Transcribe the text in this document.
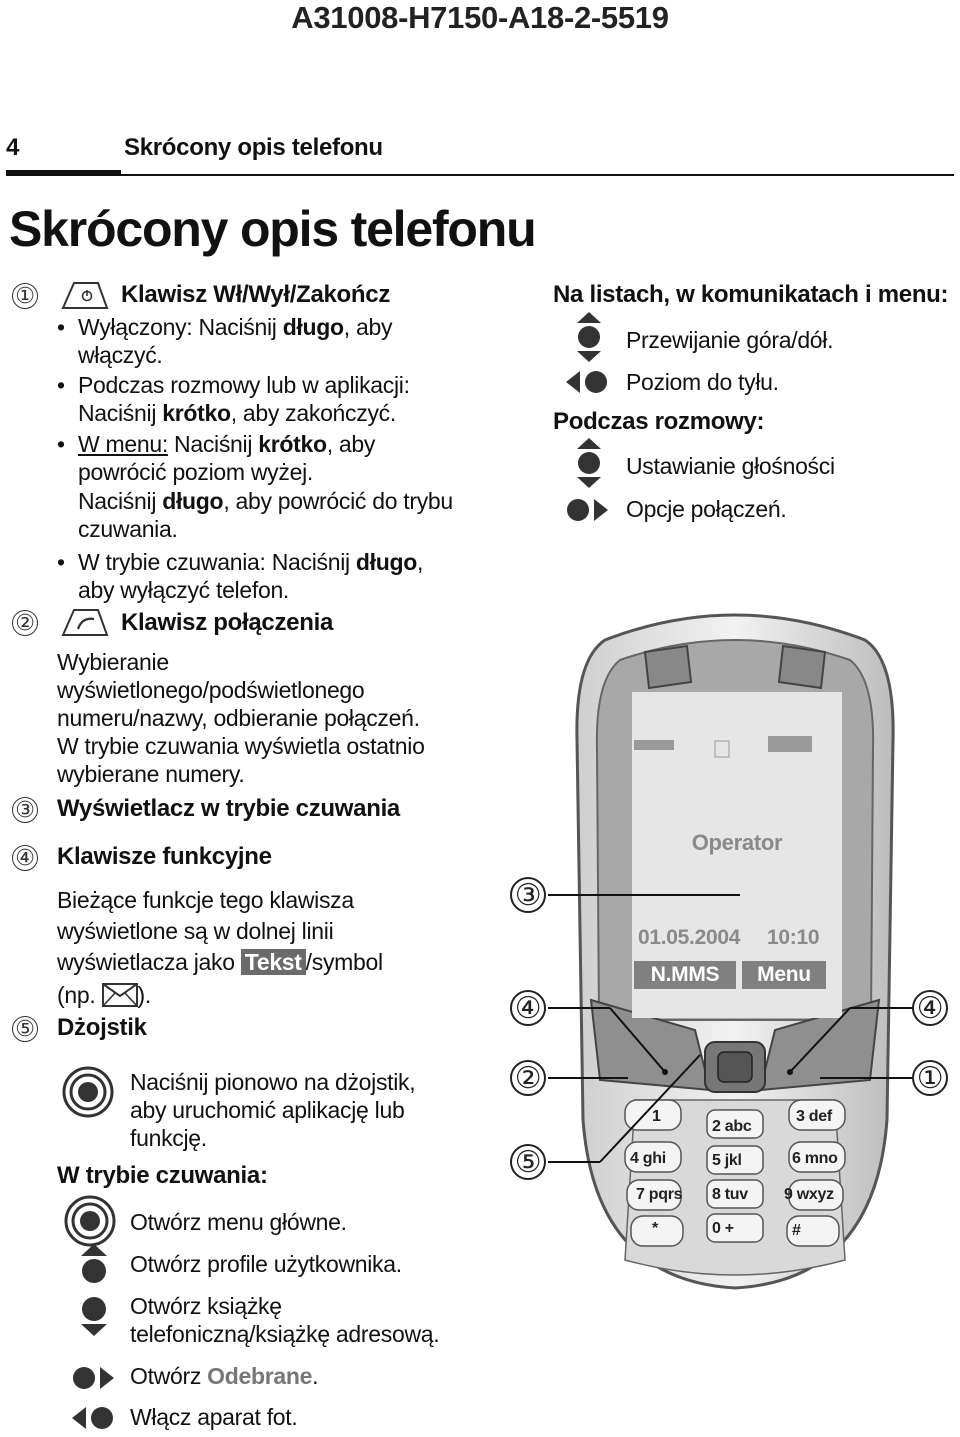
A31008-H7150-A18-2-5519
4	Skrócony opis telefonu
Skrócony opis telefonu
①	Klawisz Wł/Wył/Zakończ
• Wyłączony: Naciśnij długo, aby
włączyć.
• Podczas rozmowy lub w aplikacji:
Naciśnij krótko, aby zakończyć.
• W menu: Naciśnij krótko, aby
powrócić poziom wyżej.
Naciśnij długo, aby powrócić do trybu
czuwania.
• W trybie czuwania: Naciśnij długo,
aby wyłączyć telefon.
②	Klawisz połączenia
Wybieranie
wyświetlonego/podświetlonego
numeru/nazwy, odbieranie połączeń.
W trybie czuwania wyświetla ostatnio
wybierane numery.
③ Wyświetlacz w trybie czuwania
④ Klawisze funkcyjne
Bieżące funkcje tego klawisza
wyświetlone są w dolnej linii
wyświetlacza jako Tekst /symbol
(np. ).
⑤ Dżojstik
Naciśnij pionowo na dżojstik,
aby uruchomić aplikację lub
funkcję.
W trybie czuwania:
Otwórz menu główne.
Otwórz profile użytkownika.
Otwórz książkę
telefoniczną/książkę adresową.
Otwórz Odebrane.
Włącz aparat fot.
Na listach, w komunikatach i menu:
Przewijanie góra/dół.
Poziom do tyłu.
Podczas rozmowy:
Ustawianie głośności
Opcje połączeń.
Operator
01.05.2004 10:10
N.MMS	Menu
1
2 abc
3 def
4 ghi	5 jkl	6 mno
7 pqrs 8 tuv 9 wxyz
*	0 +	#
③
④	④
②	①
⑤
